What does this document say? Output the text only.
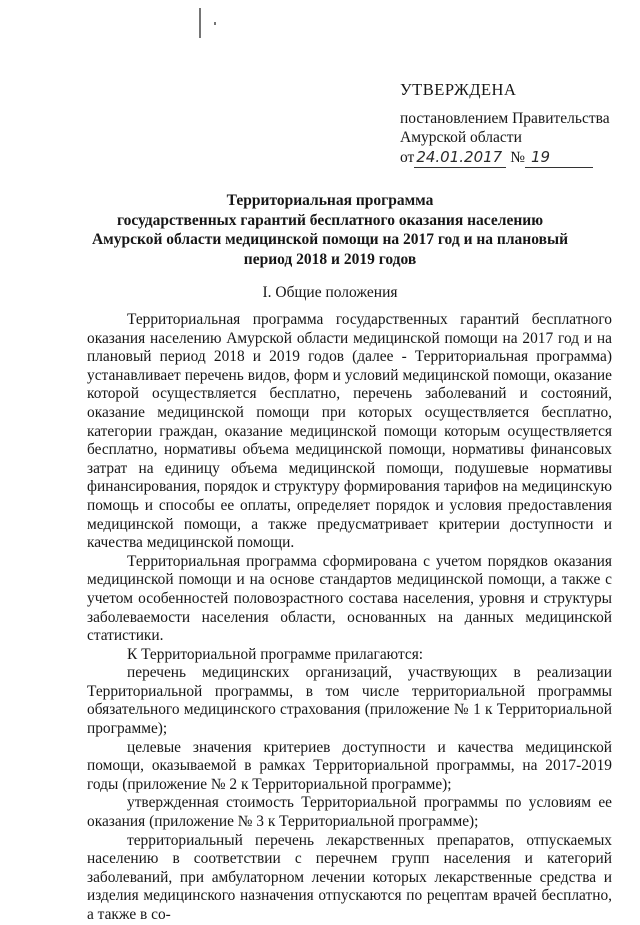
УТВЕРЖДЕНА
постановлением Правительства
Амурской области
от 24.01.2017 № 19
Территориальная программа
государственных гарантий бесплатного оказания населению
Амурской области медицинской помощи на 2017 год и на плановый
период 2018 и 2019 годов
I. Общие положения

Территориальная программа государственных гарантий бесплатного оказания населению Амурской области медицинской помощи на 2017 год и на плановый период 2018 и 2019 годов (далее - Территориальная программа) устанавливает перечень видов, форм и условий медицинской помощи, оказание которой осуществляется бесплатно, перечень заболеваний и состояний, оказание медицинской помощи при которых осуществляется бесплатно, категории граждан, оказание медицинской помощи которым осуществляется бесплатно, нормативы объема медицинской помощи, нормативы финансовых затрат на единицу объема медицинской помощи, подушевые нормативы финансирования, порядок и структуру формирования тарифов на медицинскую помощь и способы ее оплаты, определяет порядок и условия предоставления медицинской помощи, а также предусматривает критерии доступности и качества медицинской помощи.

Территориальная программа сформирована с учетом порядков оказания медицинской помощи и на основе стандартов медицинской помощи, а также с учетом особенностей половозрастного состава населения, уровня и структуры заболеваемости населения области, основанных на данных медицинской статистики.

К Территориальной программе прилагаются:

перечень медицинских организаций, участвующих в реализации Территориальной программы, в том числе территориальной программы обязательного медицинского страхования (приложение № 1 к Территориальной программе);

целевые значения критериев доступности и качества медицинской помощи, оказываемой в рамках Территориальной программы, на 2017-2019 годы (приложение № 2 к Территориальной программе);

утвержденная стоимость Территориальной программы по условиям ее оказания (приложение № 3 к Территориальной программе);

территориальный перечень лекарственных препаратов, отпускаемых населению в соответствии с перечнем групп населения и категорий заболеваний, при амбулаторном лечении которых лекарственные средства и изделия медицинского назначения отпускаются по рецептам врачей бесплатно, а также в со-
